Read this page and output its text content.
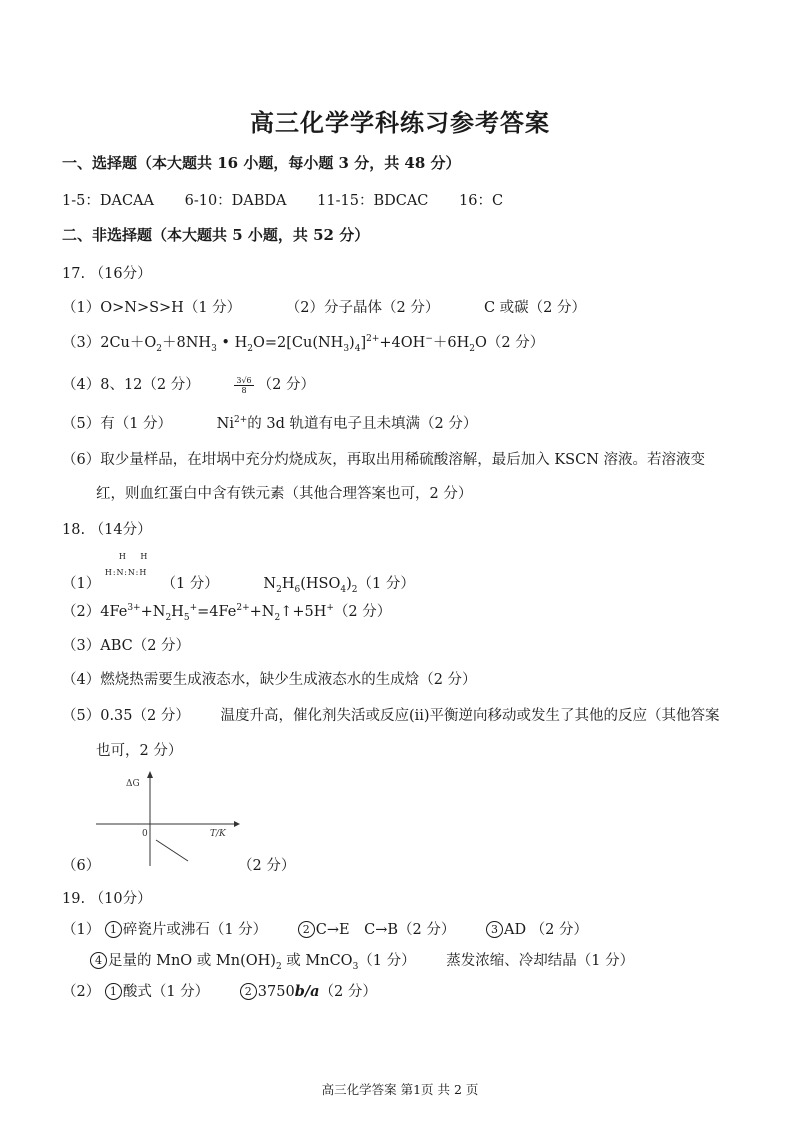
高三化学学科练习参考答案
一、选择题（本大题共 16 小题，每小题 3 分，共 48 分）
1-5：DACAA 6-10：DABDA 11-15：BDCAC 16：C
二、非选择题（本大题共 5 小题，共 52 分）
17. （16分）
（1）O>N>S>H（1 分）	（2）分子晶体（2 分）	C 或碳（2 分）
$(3)2Cu+O_2+8NH_3$ • $H_2O=2[Cu(NH_3)_4]^{2+}+4OH^-+6H_2O(2$ 分）
（4）8、12（2 分）	$\frac{3√6}{8} (2$ 分）
（5）有（1 分）	$Ni^{2+}$的 3d 轨道有电子且未填满（2 分）
（6）取少量样品，在坩埚中充分灼烧成灰，再取出用稀硫酸溶解，最后加入 KSCN 溶液。若溶液变
红，则血红蛋白中含有铁元素（其他合理答案也可，2 分）
18. （14分）
（1）
H H
H:N:N:H
（1 分）	$N_2H_6(HSO_4)_2(1$ 分）
$(2)4Fe^{3+}+N_2H_5^+=4Fe^{2+}+N_2↑+5H^+(2$ 分）
（3）ABC（2 分）
（4）燃烧热需要生成液态水，缺少生成液态水的生成焓（2 分）
（5）0.35（2 分） 温度升高，催化剂失活或反应(ii)平衡逆向移动或发生了其他的反应（其他答案
也可，2 分）
ΔG
0	T/K
（6）	（2 分）
19. （10分）
（1） 1 碎瓷片或沸石（1 分）	2 C→E　C→B（2 分）	3 AD （2 分）
4 足量的 MnO 或 $Mn(OH)_2$ 或 MnCO$_3$（1 分） 蒸发浓缩、冷却结晶（1 分）
（2） 1 酸式（1 分）	2 3750b/a（2 分）
高三化学答案 第1页 共 2 页
